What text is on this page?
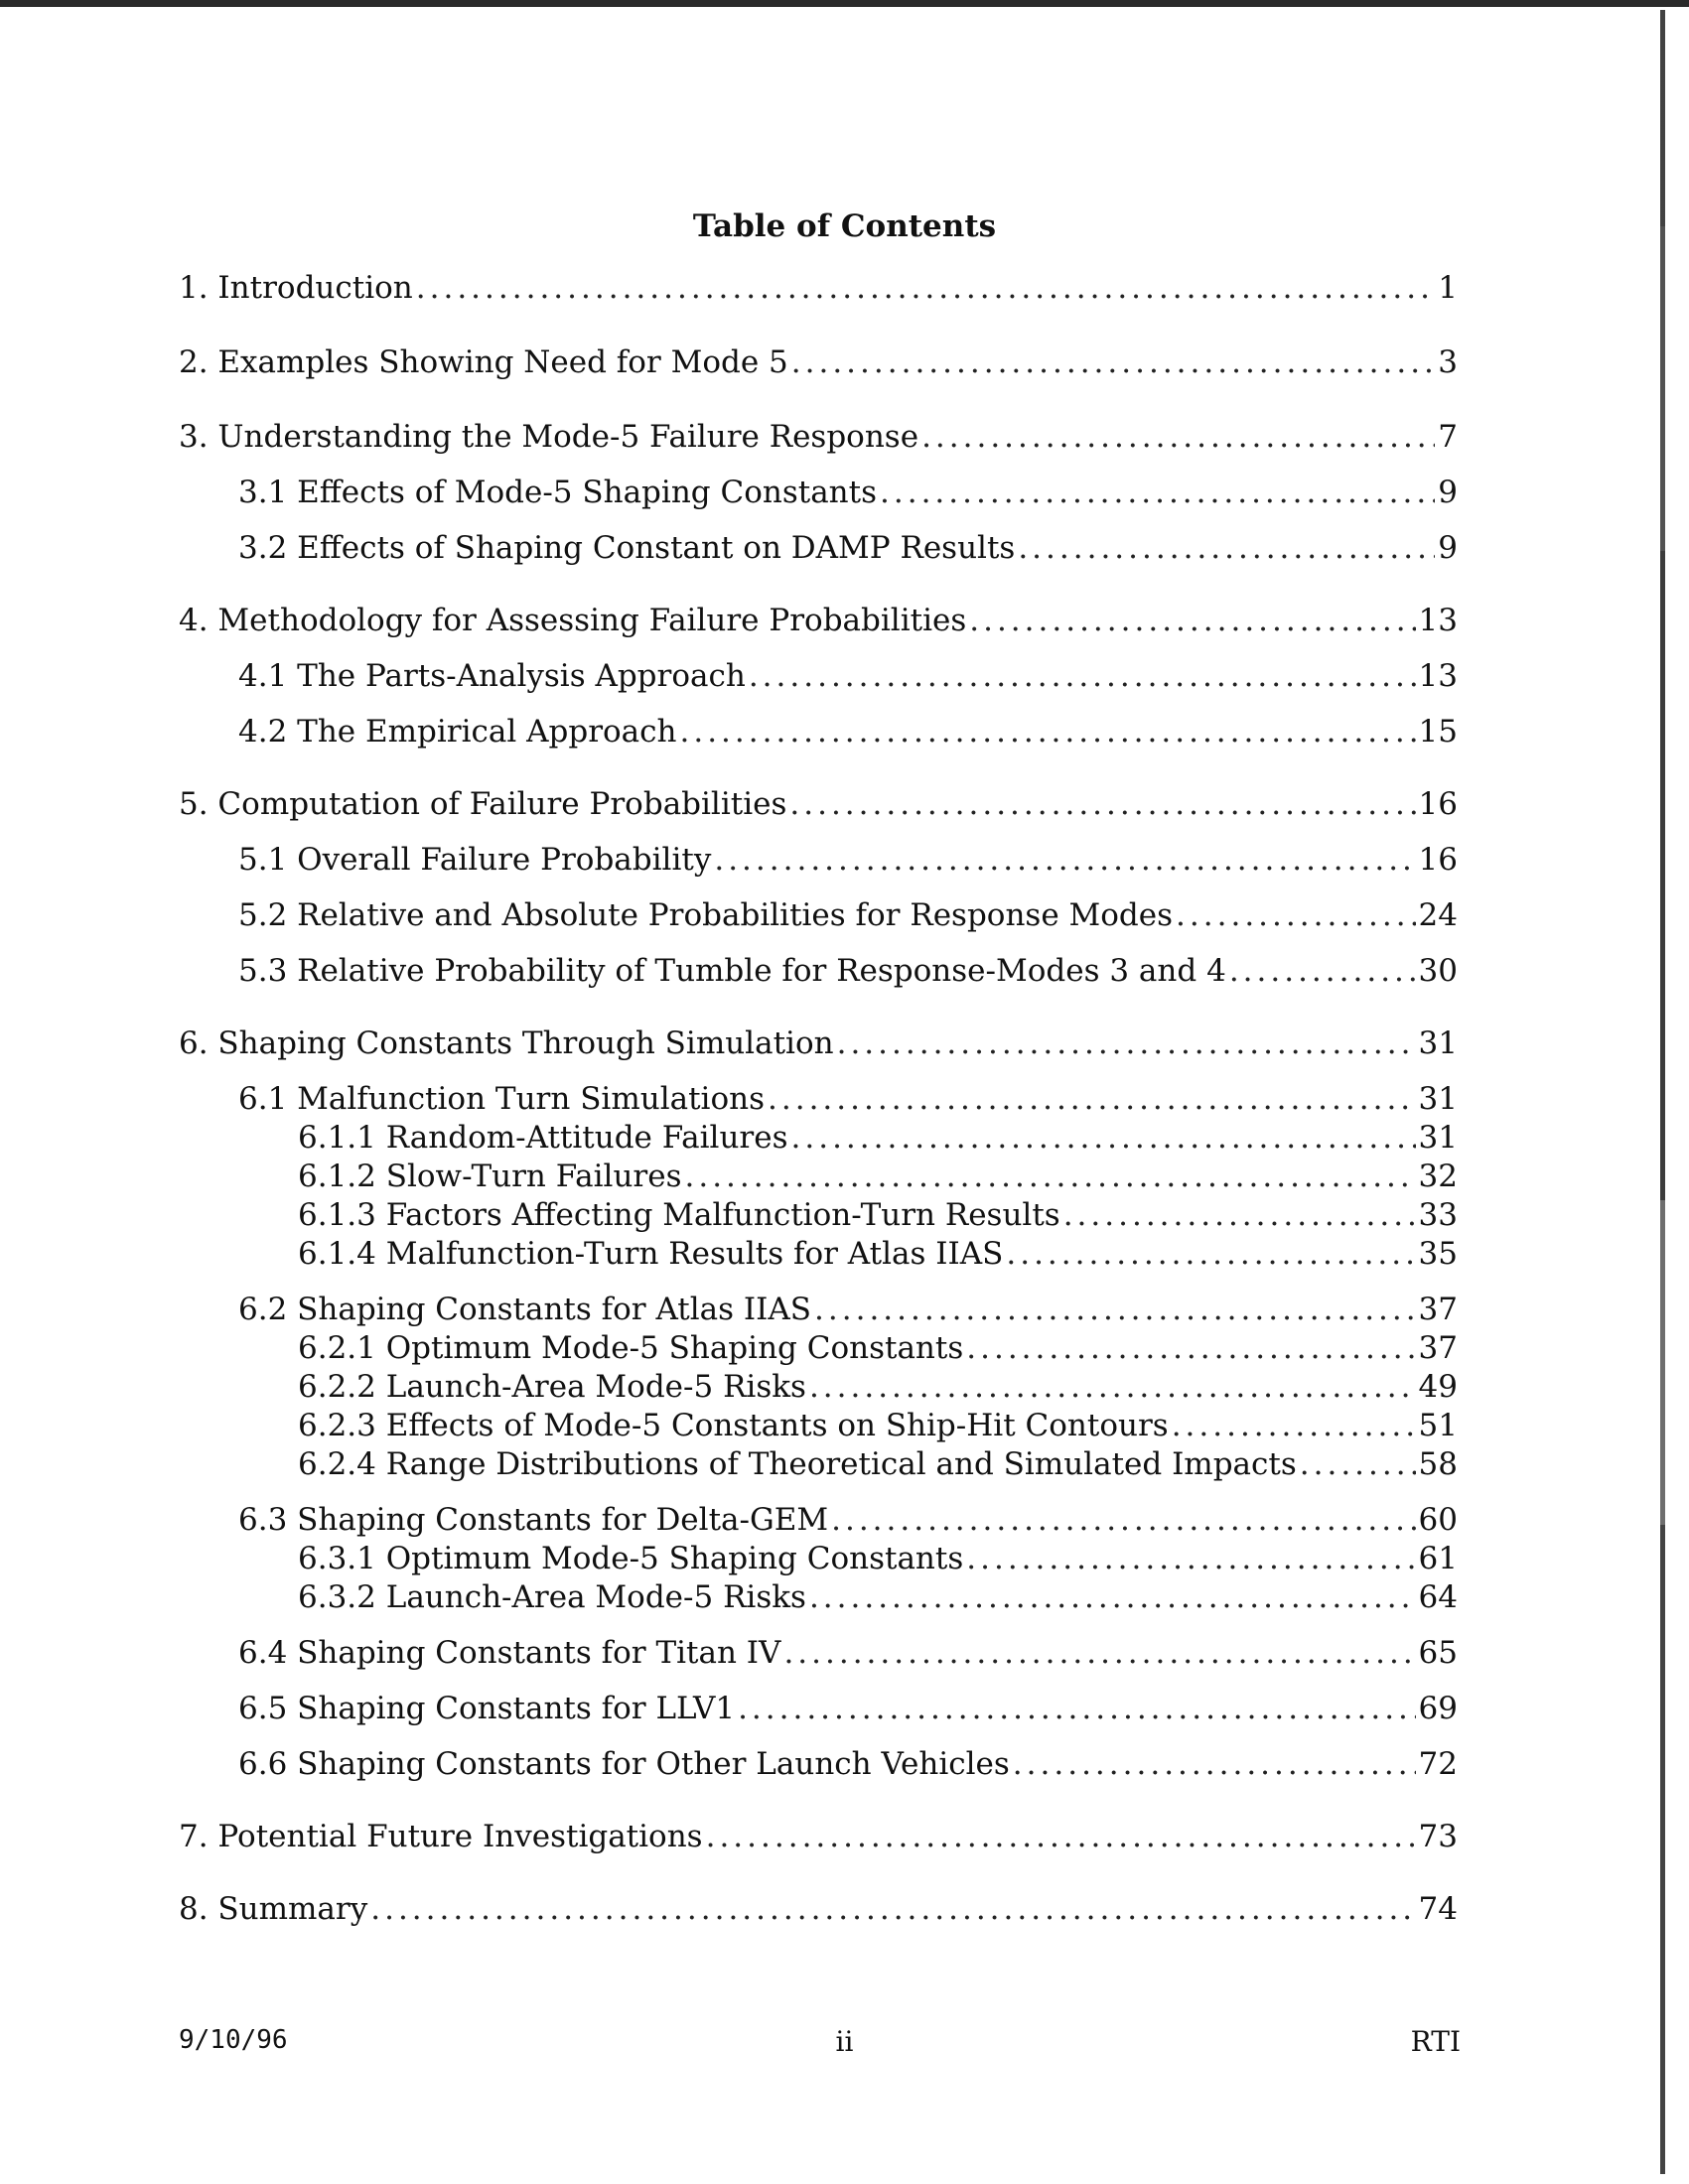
Table of Contents
1. Introduction .....	1
2. Examples Showing Need for Mode 5 .....	3
3. Understanding the Mode-5 Failure Response .....	7
3.1 Effects of Mode-5 Shaping Constants .....	9
3.2 Effects of Shaping Constant on DAMP Results .....	9
4. Methodology for Assessing Failure Probabilities .....	13
4.1 The Parts-Analysis Approach .....	13
4.2 The Empirical Approach .....	15
5. Computation of Failure Probabilities .....	16
5.1 Overall Failure Probability .....	16
5.2 Relative and Absolute Probabilities for Response Modes .....	24
5.3 Relative Probability of Tumble for Response-Modes 3 and 4 .....	30
6. Shaping Constants Through Simulation .....	31
6.1 Malfunction Turn Simulations .....	31
6.1.1 Random-Attitude Failures .....	31
6.1.2 Slow-Turn Failures .....	32
6.1.3 Factors Affecting Malfunction-Turn Results .....	33
6.1.4 Malfunction-Turn Results for Atlas IIAS .....	35
6.2 Shaping Constants for Atlas IIAS .....	37
6.2.1 Optimum Mode-5 Shaping Constants .....	37
6.2.2 Launch-Area Mode-5 Risks .....	49
6.2.3 Effects of Mode-5 Constants on Ship-Hit Contours .....	51
6.2.4 Range Distributions of Theoretical and Simulated Impacts .....	58
6.3 Shaping Constants for Delta-GEM .....	60
6.3.1 Optimum Mode-5 Shaping Constants .....	61
6.3.2 Launch-Area Mode-5 Risks .....	64
6.4 Shaping Constants for Titan IV .....	65
6.5 Shaping Constants for LLV1 .....	69
6.6 Shaping Constants for Other Launch Vehicles .....	72
7. Potential Future Investigations .....	73
8. Summary .....	74
9/10/96	ii	RTI
